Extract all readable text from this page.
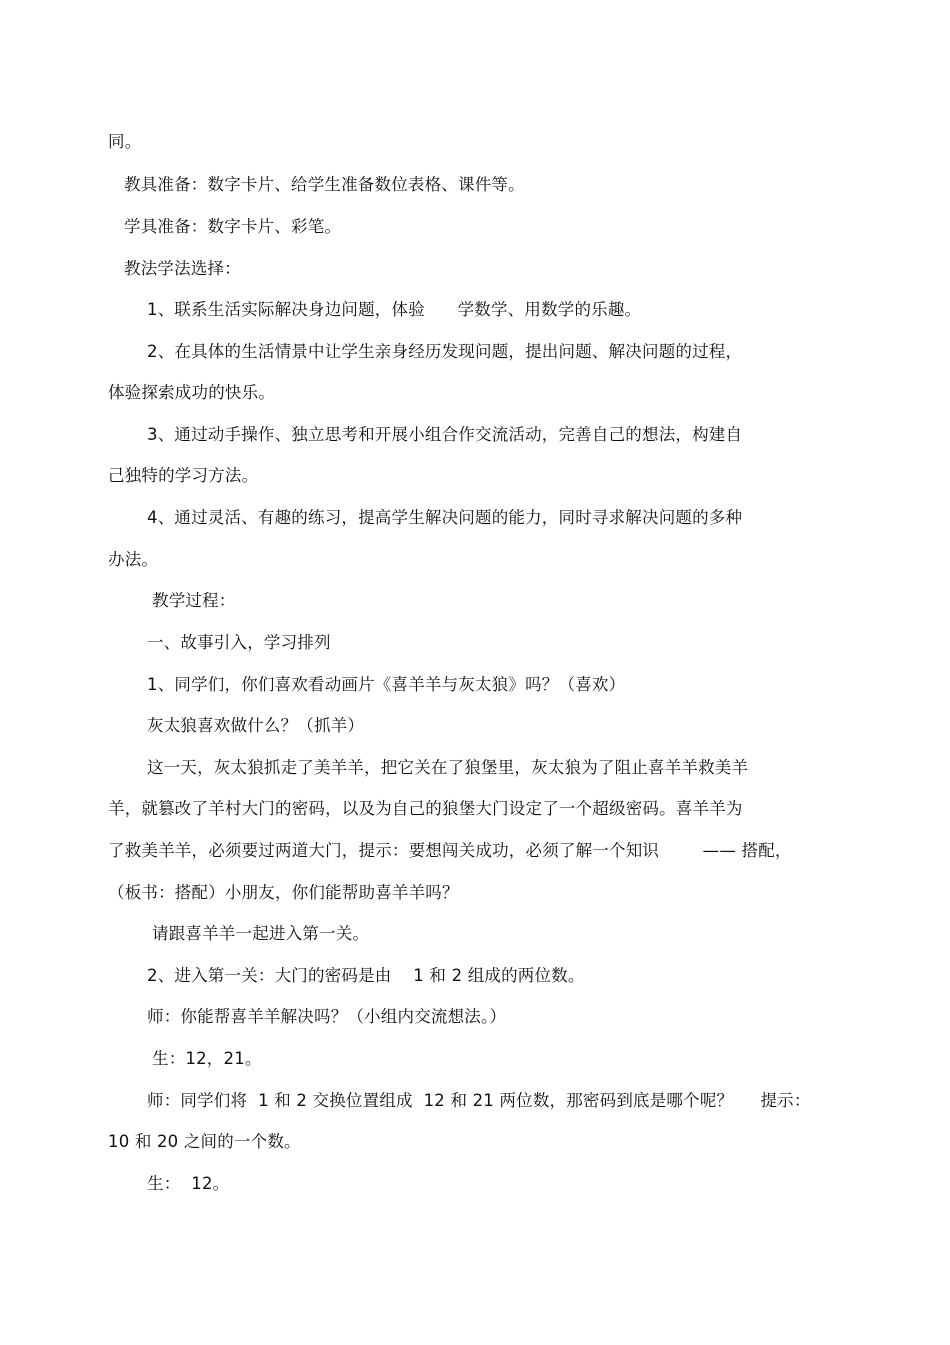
同。
教具准备：数字卡片、给学生准备数位表格、课件等。
学具准备：数字卡片、彩笔。
教法学法选择：
1、联系生活实际解决身边问题，体验      学数学、用数学的乐趣。
2、在具体的生活情景中让学生亲身经历发现问题，提出问题、解决问题的过程，
体验探索成功的快乐。
3、通过动手操作、独立思考和开展小组合作交流活动，完善自己的想法，构建自
己独特的学习方法。
4、通过灵活、有趣的练习，提高学生解决问题的能力，同时寻求解决问题的多种
办法。
教学过程：
一、故事引入，学习排列
1、同学们，你们喜欢看动画片《喜羊羊与灰太狼》吗？（喜欢）
灰太狼喜欢做什么？（抓羊）
这一天，灰太狼抓走了美羊羊，把它关在了狼堡里，灰太狼为了阻止喜羊羊救美羊
羊，就篡改了羊村大门的密码，以及为自己的狼堡大门设定了一个超级密码。喜羊羊为
了救美羊羊，必须要过两道大门，提示：要想闯关成功，必须了解一个知识        —— 搭配，
（板书：搭配）小朋友，你们能帮助喜羊羊吗？
请跟喜羊羊一起进入第一关。
2、进入第一关：大门的密码是由    1 和 2 组成的两位数。
师：你能帮喜羊羊解决吗？（小组内交流想法。）
生：12，21。
师：同学们将  1 和 2 交换位置组成  12 和 21 两位数，那密码到底是哪个呢？     提示：
10 和 20 之间的一个数。
生：  12。
